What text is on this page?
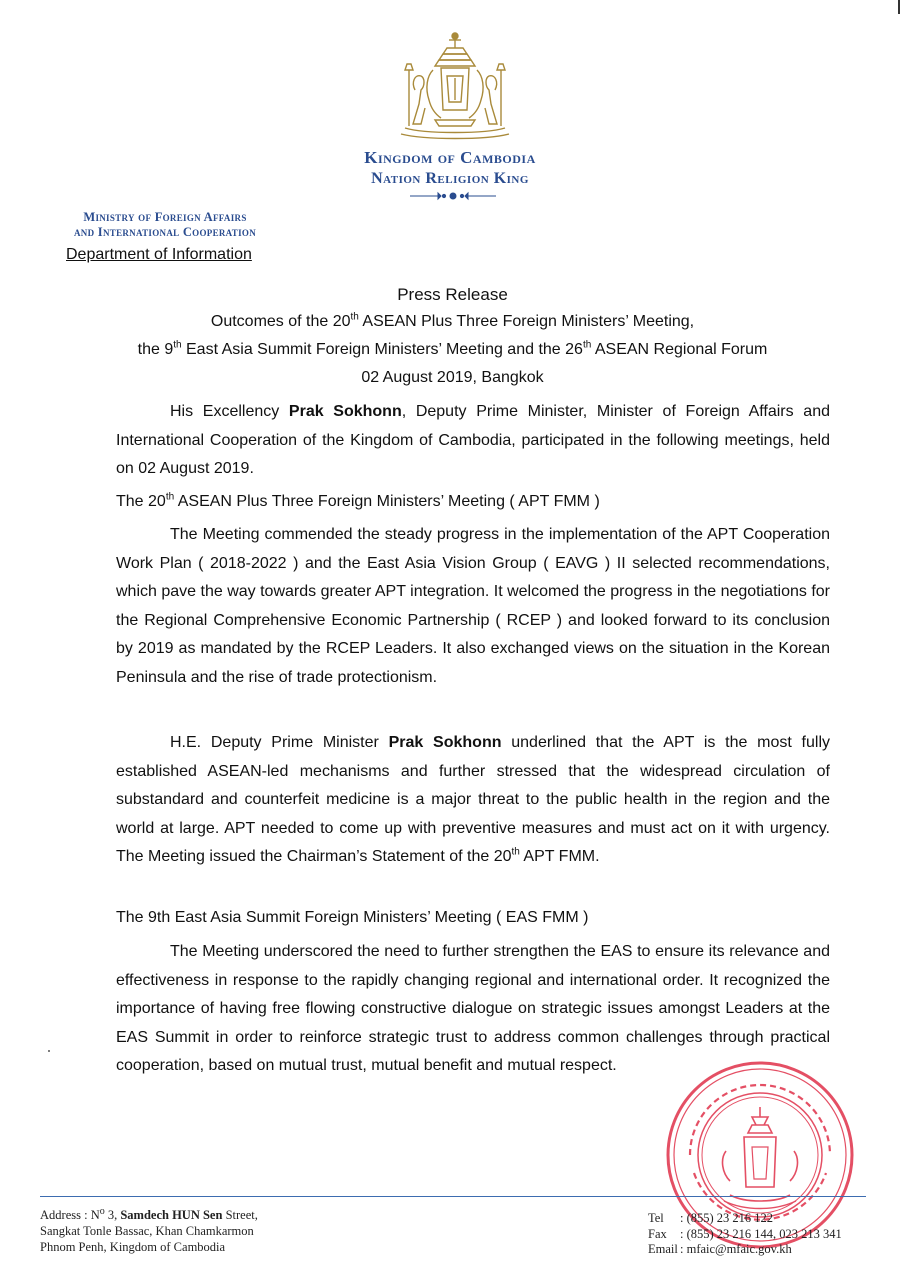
Kingdom of Cambodia
Nation Religion King
Ministry of Foreign Affairs
and International Cooperation
Department of Information
Press Release
Outcomes of the 20th ASEAN Plus Three Foreign Ministers’ Meeting,
the 9th East Asia Summit Foreign Ministers’ Meeting and the 26th ASEAN Regional Forum
02 August 2019, Bangkok
His Excellency Prak Sokhonn, Deputy Prime Minister, Minister of Foreign Affairs and International Cooperation of the Kingdom of Cambodia, participated in the following meetings, held on 02 August 2019.
The 20th ASEAN Plus Three Foreign Ministers’ Meeting ( APT FMM )
The Meeting commended the steady progress in the implementation of the APT Cooperation Work Plan ( 2018-2022 ) and the East Asia Vision Group ( EAVG ) II selected recommendations, which pave the way towards greater APT integration. It welcomed the progress in the negotiations for the Regional Comprehensive Economic Partnership ( RCEP ) and looked forward to its conclusion by 2019 as mandated by the RCEP Leaders. It also exchanged views on the situation in the Korean Peninsula and the rise of trade protectionism.
H.E. Deputy Prime Minister Prak Sokhonn underlined that the APT is the most fully established ASEAN-led mechanisms and further stressed that the widespread circulation of substandard and counterfeit medicine is a major threat to the public health in the region and the world at large. APT needed to come up with preventive measures and must act on it with urgency. The Meeting issued the Chairman’s Statement of the 20th APT FMM.
The 9th East Asia Summit Foreign Ministers’ Meeting ( EAS FMM )
The Meeting underscored the need to further strengthen the EAS to ensure its relevance and effectiveness in response to the rapidly changing regional and international order. It recognized the importance of having free flowing constructive dialogue on strategic issues amongst Leaders at the EAS Summit in order to reinforce strategic trust to address common challenges through practical cooperation, based on mutual trust, mutual benefit and mutual respect.
Address : $N^o$ 3, Samdech HUN Sen Street,
Sangkat Tonle Bassac, Khan Chamkarmon
Phnom Penh, Kingdom of Cambodia
Tel : (855) 23 216 122
Fax : (855) 23 216 144, 023 213 341
Email : mfaic@mfaic.gov.kh
